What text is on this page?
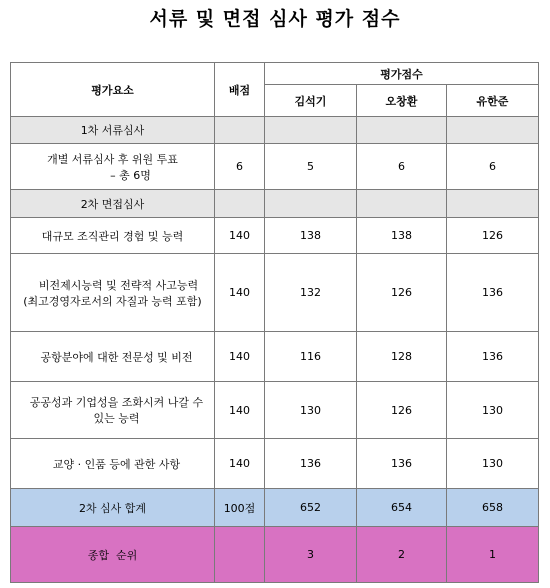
서류 및 면접 심사 평가 점수
평가요소	배점	평가점수		
		김석기	오창환	유한준
1차 서류심사				

개별 서류심사 후 위원 투표
– 총 6명	6	5	6	6
2차 면접심사				
대규모 조직관리 경험 및 능력	140	138	138	126

비전제시능력 및 전략적 사고능력
(최고경영자로서의 자질과 능력 포함)	140	132	126	136
공항분야에 대한 전문성 및 비전	140	116	128	136
공공성과 기업성을 조화시켜 나갈 수 있는 능력	140	130	126	130
교양 · 인품 등에 관한 사항	140	136	136	130
2차 심사 합계	100점	652	654	658
종합  순위		3	2	1
